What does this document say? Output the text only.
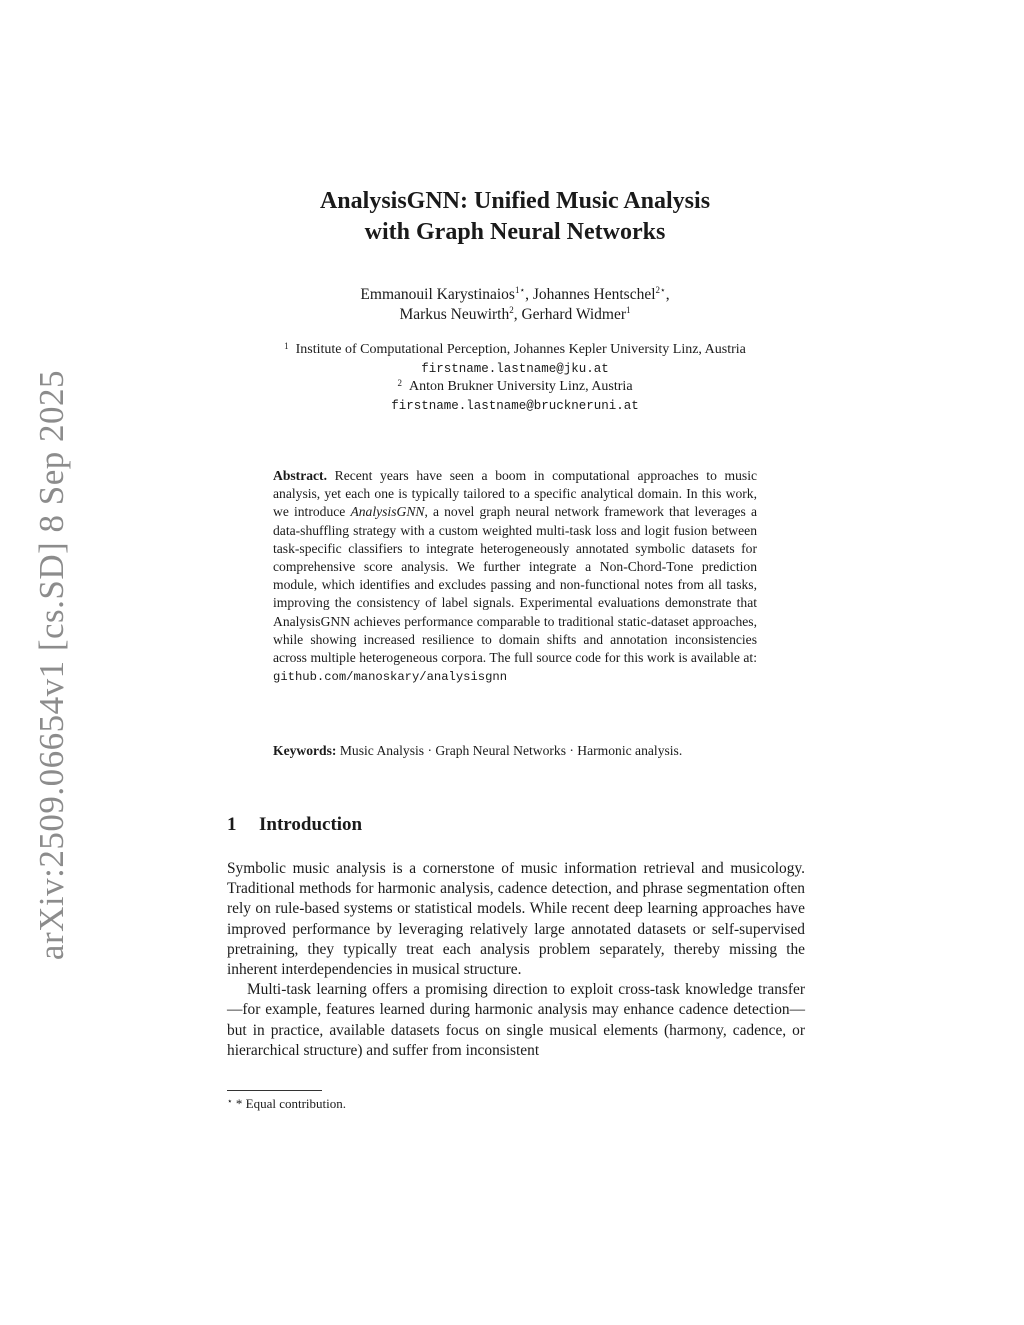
arXiv:2509.06654v1 [cs.SD] 8 Sep 2025
AnalysisGNN: Unified Music Analysis
with Graph Neural Networks
Emmanouil Karystinaios$^{1⋆}$, Johannes Hentschel$^{2⋆}$,
Markus Neuwirth$^2$, Gerhard Widmer$^1$
$^1$ Institute of Computational Perception, Johannes Kepler University Linz, Austria
firstname.lastname@jku.at
$^2$ Anton Brukner University Linz, Austria
firstname.lastname@bruckneruni.at

Abstract. Recent years have seen a boom in computational approaches to music analysis, yet each one is typically tailored to a specific analytical domain. In this work, we introduce AnalysisGNN, a novel graph neural network framework that leverages a data-shuffling strategy with a custom weighted multi-task loss and logit fusion between task-specific classifiers to integrate heterogeneously annotated symbolic datasets for comprehensive score analysis. We further integrate a Non-Chord-Tone prediction module, which identifies and excludes passing and non-functional notes from all tasks, improving the consistency of label signals. Experimental evaluations demonstrate that AnalysisGNN achieves performance comparable to traditional static-dataset approaches, while showing increased resilience to domain shifts and annotation inconsistencies across multiple heterogeneous corpora. The full source code for this work is available at: github.com/manoskary/analysisgnn

Keywords: Music Analysis · Graph Neural Networks · Harmonic analysis.
1 Introduction

Symbolic music analysis is a cornerstone of music information retrieval and musicology. Traditional methods for harmonic analysis, cadence detection, and phrase segmentation often rely on rule-based systems or statistical models. While recent deep learning approaches have improved performance by leveraging relatively large annotated datasets or self-supervised pretraining, they typically treat each analysis problem separately, thereby missing the inherent interdependencies in musical structure.

Multi-task learning offers a promising direction to exploit cross-task knowledge transfer—for example, features learned during harmonic analysis may enhance cadence detection—but in practice, available datasets focus on single musical elements (harmony, cadence, or hierarchical structure) and suffer from inconsistent

⋆ * Equal contribution.
